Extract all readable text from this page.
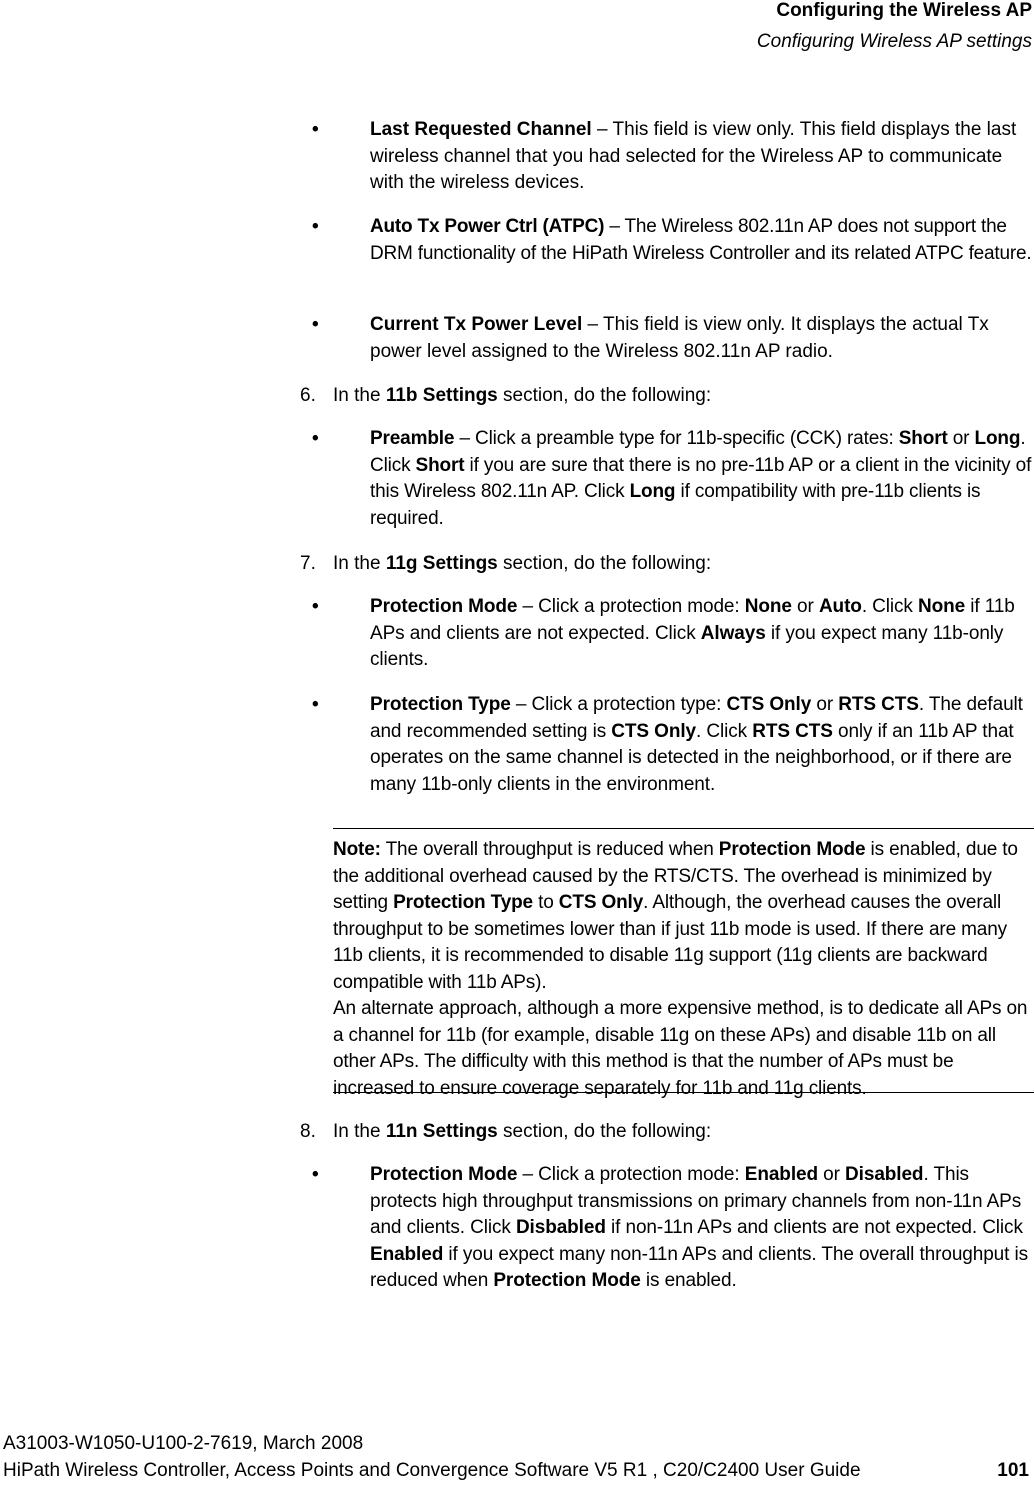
Configuring the Wireless AP
Configuring Wireless AP settings
•	Last Requested Channel – This field is view only. This field displays the last wireless channel that you had selected for the Wireless AP to communicate with the wireless devices.
•	Auto Tx Power Ctrl (ATPC) – The Wireless 802.11n AP does not support the DRM functionality of the HiPath Wireless Controller and its related ATPC feature.
•	Current Tx Power Level – This field is view only. It displays the actual Tx power level assigned to the Wireless 802.11n AP radio.
6. In the 11b Settings section, do the following:
•	Preamble – Click a preamble type for 11b-specific (CCK) rates: Short or Long. Click Short if you are sure that there is no pre-11b AP or a client in the vicinity of this Wireless 802.11n AP. Click Long if compatibility with pre-11b clients is required.
7. In the 11g Settings section, do the following:
•	Protection Mode – Click a protection mode: None or Auto. Click None if 11b APs and clients are not expected. Click Always if you expect many 11b-only clients.
•	Protection Type – Click a protection type: CTS Only or RTS CTS. The default and recommended setting is CTS Only. Click RTS CTS only if an 11b AP that operates on the same channel is detected in the neighborhood, or if there are many 11b-only clients in the environment.
Note: The overall throughput is reduced when Protection Mode is enabled, due to the additional overhead caused by the RTS/CTS. The overhead is minimized by setting Protection Type to CTS Only. Although, the overhead causes the overall throughput to be sometimes lower than if just 11b mode is used. If there are many 11b clients, it is recommended to disable 11g support (11g clients are backward compatible with 11b APs).
An alternate approach, although a more expensive method, is to dedicate all APs on a channel for 11b (for example, disable 11g on these APs) and disable 11b on all other APs. The difficulty with this method is that the number of APs must be increased to ensure coverage separately for 11b and 11g clients.
8. In the 11n Settings section, do the following:
•	Protection Mode – Click a protection mode: Enabled or Disabled. This protects high throughput transmissions on primary channels from non-11n APs and clients. Click Disbabled if non-11n APs and clients are not expected. Click Enabled if you expect many non-11n APs and clients. The overall throughput is reduced when Protection Mode is enabled.
A31003-W1050-U100-2-7619, March 2008
HiPath Wireless Controller, Access Points and Convergence Software V5 R1 , C20/C2400 User Guide	101
